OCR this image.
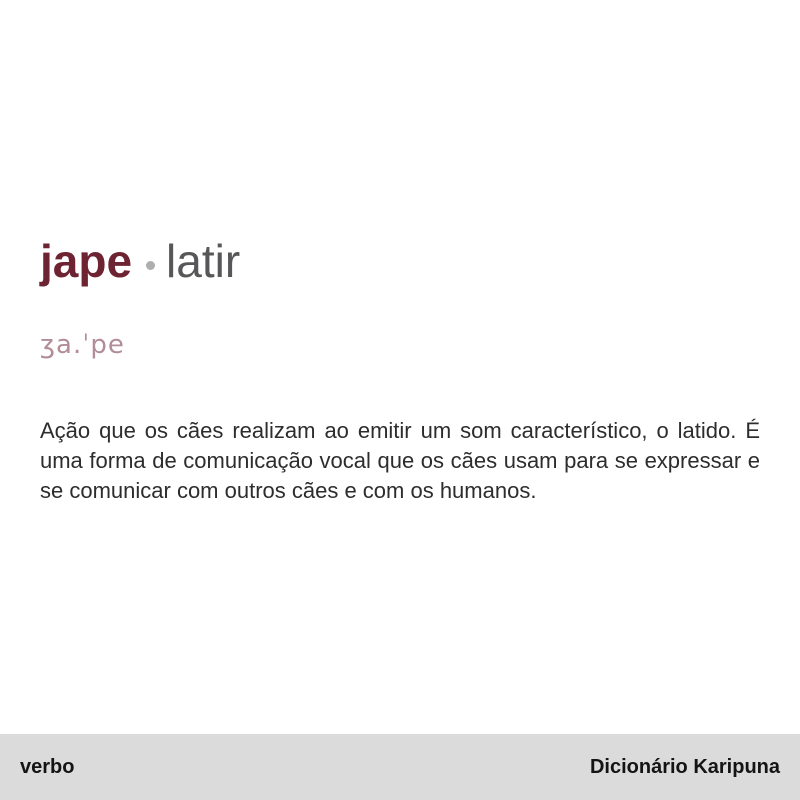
jape latir
ʒa.ˈpe

Ação que os cães realizam ao emitir um som característico, o latido. É uma forma de comunicação vocal que os cães usam para se expressar e se comunicar com outros cães e com os humanos.

verbo	Dicionário Karipuna
